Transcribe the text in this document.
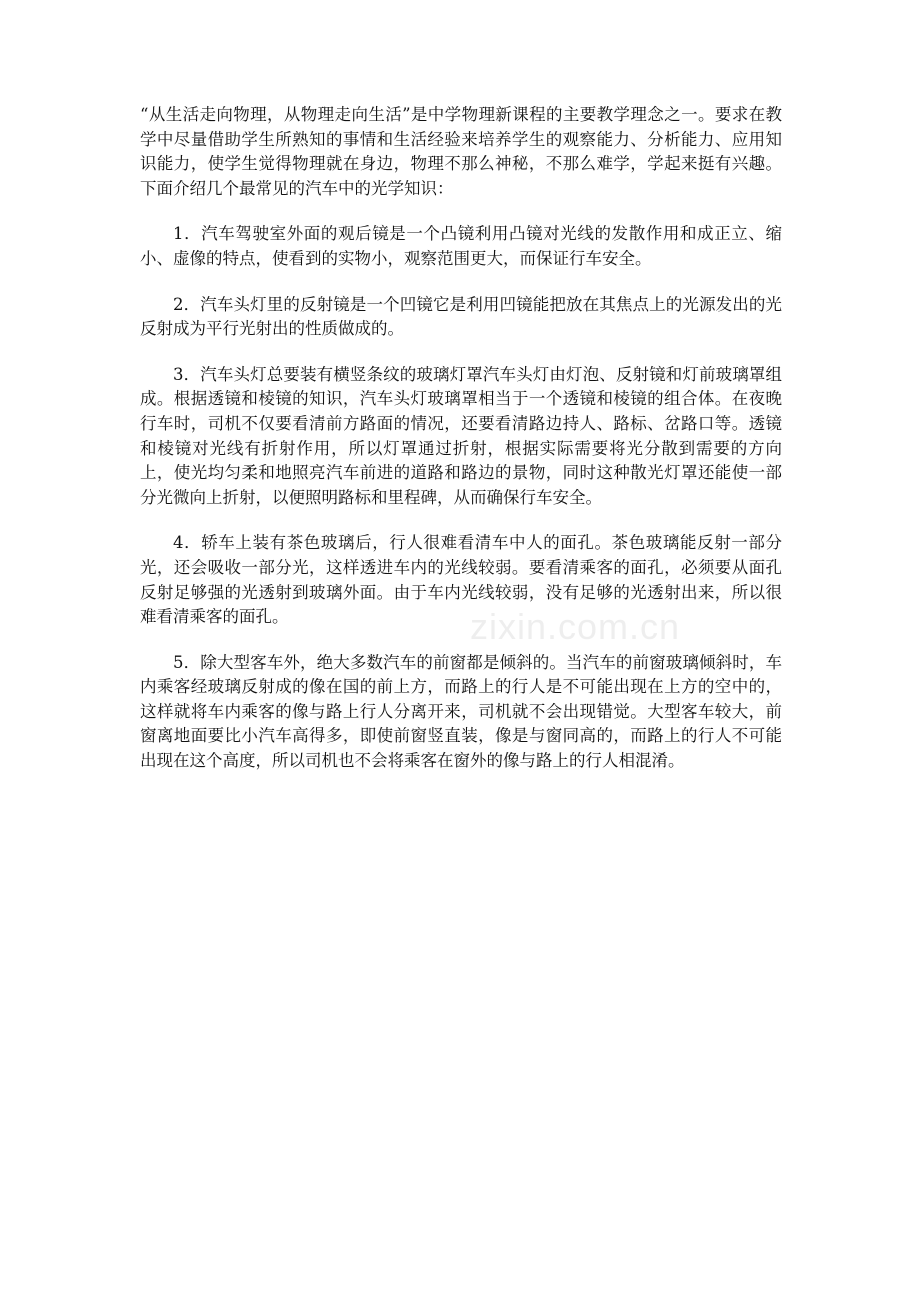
“从生活走向物理，从物理走向生活”是中学物理新课程的主要教学理念之一。要求在教学中尽量借助学生所熟知的事情和生活经验来培养学生的观察能力、分析能力、应用知识能力，使学生觉得物理就在身边，物理不那么神秘，不那么难学，学起来挺有兴趣。下面介绍几个最常见的汽车中的光学知识：

1．汽车驾驶室外面的观后镜是一个凸镜利用凸镜对光线的发散作用和成正立、缩小、虚像的特点，使看到的实物小，观察范围更大，而保证行车安全。

2．汽车头灯里的反射镜是一个凹镜它是利用凹镜能把放在其焦点上的光源发出的光反射成为平行光射出的性质做成的。

3．汽车头灯总要装有横竖条纹的玻璃灯罩汽车头灯由灯泡、反射镜和灯前玻璃罩组成。根据透镜和棱镜的知识，汽车头灯玻璃罩相当于一个透镜和棱镜的组合体。在夜晚行车时，司机不仅要看清前方路面的情况，还要看清路边持人、路标、岔路口等。透镜和棱镜对光线有折射作用，所以灯罩通过折射，根据实际需要将光分散到需要的方向上，使光均匀柔和地照亮汽车前进的道路和路边的景物，同时这种散光灯罩还能使一部分光微向上折射，以便照明路标和里程碑，从而确保行车安全。

4．轿车上装有茶色玻璃后，行人很难看清车中人的面孔。茶色玻璃能反射一部分光，还会吸收一部分光，这样透进车内的光线较弱。要看清乘客的面孔，必须要从面孔反射足够强的光透射到玻璃外面。由于车内光线较弱，没有足够的光透射出来，所以很难看清乘客的面孔。

5．除大型客车外，绝大多数汽车的前窗都是倾斜的。当汽车的前窗玻璃倾斜时，车内乘客经玻璃反射成的像在国的前上方，而路上的行人是不可能出现在上方的空中的，这样就将车内乘客的像与路上行人分离开来，司机就不会出现错觉。大型客车较大，前窗离地面要比小汽车高得多，即使前窗竖直装，像是与窗同高的，而路上的行人不可能出现在这个高度，所以司机也不会将乘客在窗外的像与路上的行人相混淆。

zixin.com.cn
